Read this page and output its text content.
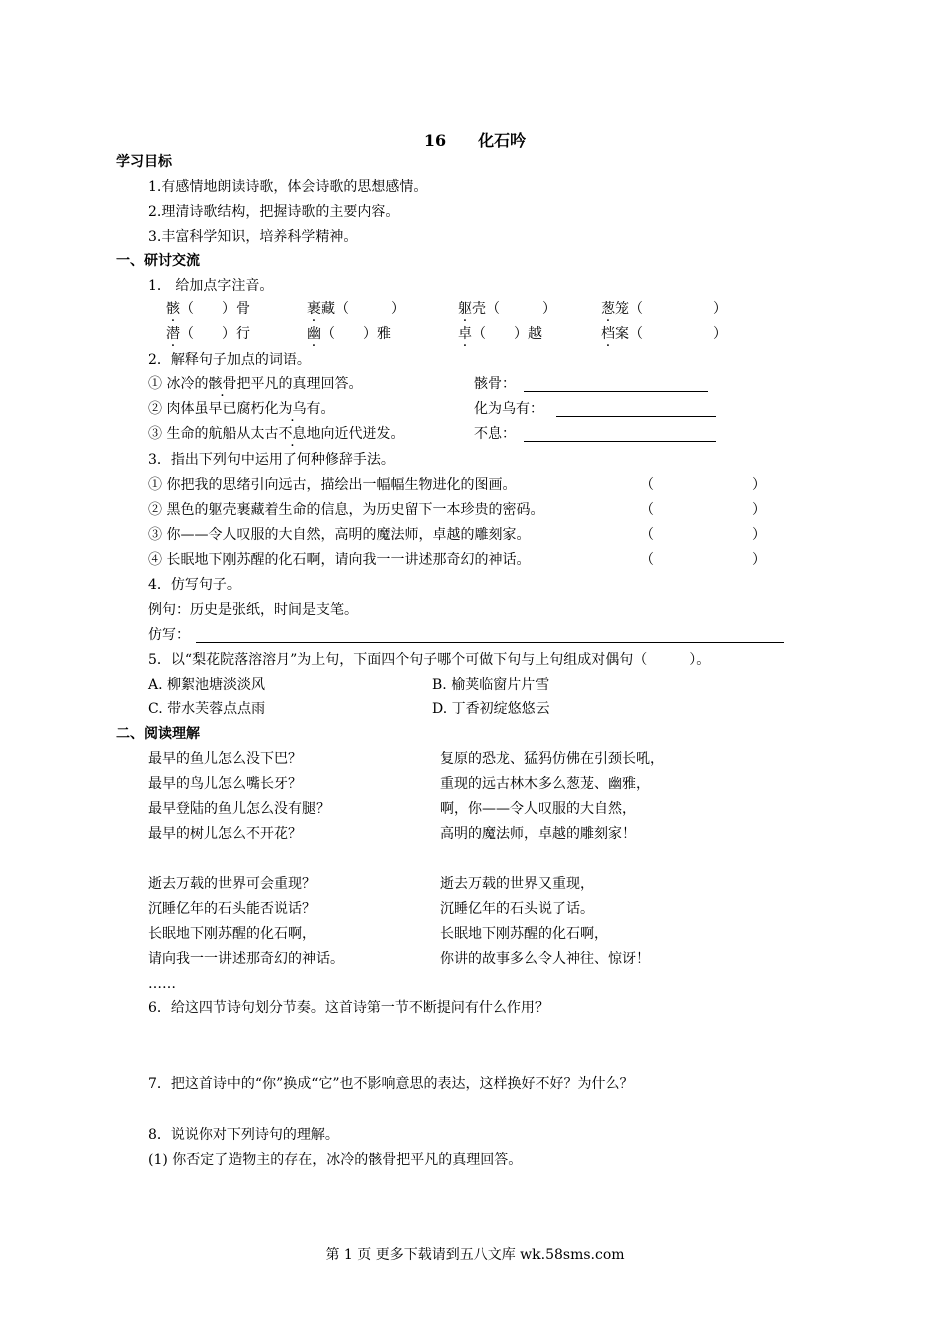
16 化石吟
学习目标
1.有感情地朗读诗歌，体会诗歌的思想感情。
2.理清诗歌结构，把握诗歌的主要内容。
3.丰富科学知识，培养科学精神。
一、研讨交流
1． 给加点字注音。
骸（　　）骨	裹藏（　　　）	躯壳（　　　）	葱笼（　　　　　）
潜（　　）行	幽（　　）雅	卓（　　）越	档案（　　　　　）
2．解释句子加点的词语。
① 冰冷的骸骨把平凡的真理回答。	骸骨：
② 肉体虽早已腐朽化为乌有。	化为乌有：
③ 生命的航船从太古不息地向近代迸发。	不息：
3．指出下列句中运用了何种修辞手法。
① 你把我的思绪引向远古，描绘出一幅幅生物进化的图画。	（　　　　　　　）
② 黑色的躯壳裹藏着生命的信息，为历史留下一本珍贵的密码。	（　　　　　　　）
③ 你——令人叹服的大自然，高明的魔法师，卓越的雕刻家。	（　　　　　　　）
④ 长眠地下刚苏醒的化石啊，请向我一一讲述那奇幻的神话。	（　　　　　　　）
4．仿写句子。
例句：历史是张纸，时间是支笔。
仿写：
5．以“梨花院落溶溶月”为上句，下面四个句子哪个可做下句与上句组成对偶句（　　　）。
A. 柳絮池塘淡淡风	B. 榆荚临窗片片雪
C. 带水芙蓉点点雨	D. 丁香初绽悠悠云
二、阅读理解
最早的鱼儿怎么没下巴？
最早的鸟儿怎么嘴长牙？
最早登陆的鱼儿怎么没有腿？
最早的树儿怎么不开花？
复原的恐龙、猛犸仿佛在引颈长吼，
重现的远古林木多么葱茏、幽雅，
啊，你——令人叹服的大自然，
高明的魔法师，卓越的雕刻家！
逝去万载的世界可会重现？
沉睡亿年的石头能否说话？
长眠地下刚苏醒的化石啊，
请向我一一讲述那奇幻的神话。
逝去万载的世界又重现，
沉睡亿年的石头说了话。
长眠地下刚苏醒的化石啊，
你讲的故事多么令人神往、惊讶！
……
6．给这四节诗句划分节奏。这首诗第一节不断提问有什么作用？
7．把这首诗中的“你”换成“它”也不影响意思的表达，这样换好不好？为什么？
8．说说你对下列诗句的理解。
(1) 你否定了造物主的存在，冰冷的骸骨把平凡的真理回答。
第 1 页 更多下载请到五八文库 wk.58sms.com
